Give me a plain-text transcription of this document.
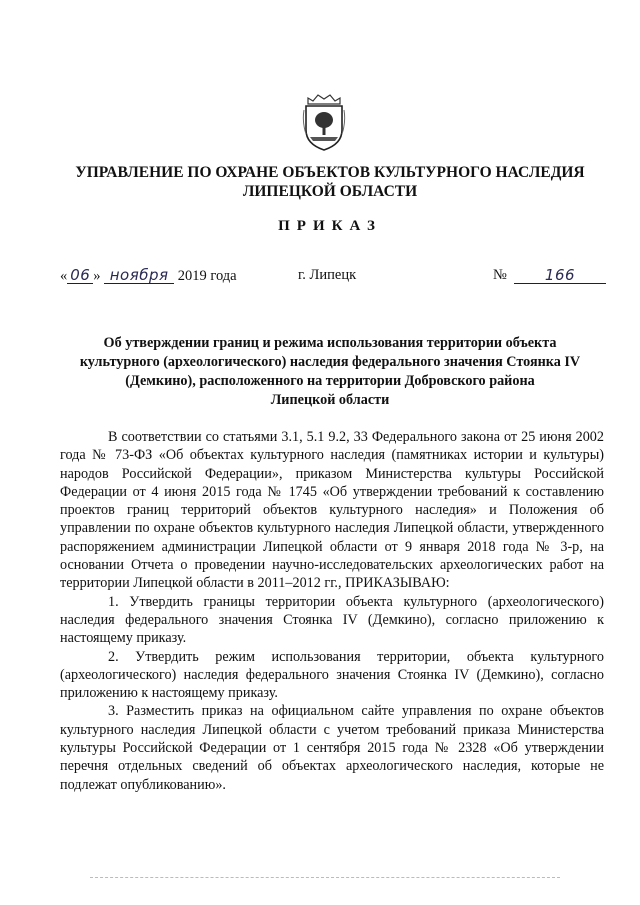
УПРАВЛЕНИЕ ПО ОХРАНЕ ОБЪЕКТОВ КУЛЬТУРНОГО НАСЛЕДИЯ
ЛИПЕЦКОЙ ОБЛАСТИ
ПРИКАЗ
« 06 » ноября 2019 года	г. Липецк	№	166
Об утверждении границ и режима использования территории объекта
культурного (археологического) наследия федерального значения Стоянка IV
(Демкино), расположенного на территории Добровского района
Липецкой области

В соответствии со статьями 3.1, 5.1 9.2, 33 Федерального закона от 25 июня 2002 года № 73-ФЗ «Об объектах культурного наследия (памятниках истории и культуры) народов Российской Федерации», приказом Министерства культуры Российской Федерации от 4 июня 2015 года № 1745 «Об утверждении требований к составлению проектов границ территорий объектов культурного наследия» и Положения об управлении по охране объектов культурного наследия Липецкой области, утвержденного распоряжением администрации Липецкой области от 9 января 2018 года № 3-р, на основании Отчета о проведении научно-исследовательских археологических работ на территории Липецкой области в 2011–2012 гг., ПРИКАЗЫВАЮ:

1. Утвердить границы территории объекта культурного (археологического) наследия федерального значения Стоянка IV (Демкино), согласно приложению к настоящему приказу.

2. Утвердить режим использования территории, объекта культурного (археологического) наследия федерального значения Стоянка IV (Демкино), согласно приложению к настоящему приказу.

3. Разместить приказ на официальном сайте управления по охране объектов культурного наследия Липецкой области с учетом требований приказа Министерства культуры Российской Федерации от 1 сентября 2015 года № 2328 «Об утверждении перечня отдельных сведений об объектах археологического наследия, которые не подлежат опубликованию».
